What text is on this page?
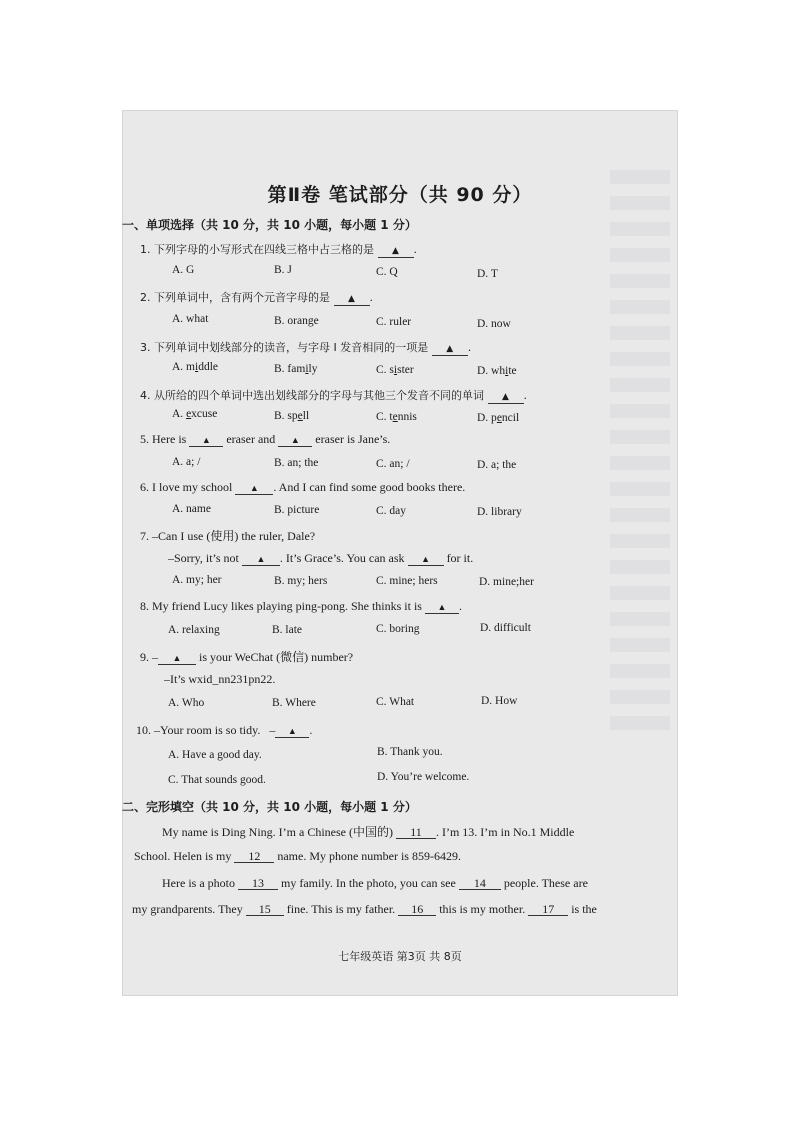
第Ⅱ卷 笔试部分（共 90 分）
一、单项选择（共 10 分，共 10 小题，每小题 1 分）
1. 下列字母的小写形式在四线三格中占三格的是 ▲ .
A. G	B. J	C. Q	D. T
2. 下列单词中，含有两个元音字母的是 ▲ .
A. what	B. orange	C. ruler	D. now
3. 下列单词中划线部分的读音，与字母 I 发音相同的一项是 ▲ .
A. middle	B. family	C. sister	D. white
4. 从所给的四个单词中选出划线部分的字母与其他三个发音不同的单词 ▲ .
A. excuse	B. spell	C. tennis	D. pencil
5. Here is ▲ eraser and ▲ eraser is Jane’s.
A. a; /	B. an; the	C. an; /	D. a; the
6. I love my school ▲ . And I can find some good books there.
A. name	B. picture	C. day	D. library
7. –Can I use (使用) the ruler, Dale?
–Sorry, it’s not ▲ . It’s Grace’s. You can ask ▲ for it.
A. my; her	B. my; hers	C. mine; hers	D. mine;her
8. My friend Lucy likes playing ping-pong. She thinks it is ▲ .
A. relaxing	B. late	C. boring	D. difficult
9. – ▲ is your WeChat (微信) number?
–It’s wxid_nn231pn22.
A. Who	B. Where	C. What	D. How
10. –Your room is so tidy. – ▲ .
A. Have a good day.	B. Thank you.
C. That sounds good.	D. You’re welcome.
二、完形填空（共 10 分，共 10 小题，每小题 1 分）
My name is Ding Ning. I’m a Chinese (中国的) 11 . I’m 13. I’m in No.1 Middle
School. Helen is my 12 name. My phone number is 859-6429.
Here is a photo 13 my family. In the photo, you can see 14 people. These are
my grandparents. They 15 fine. This is my father. 16 this is my mother. 17 is the
七年级英语 第3页 共 8页
